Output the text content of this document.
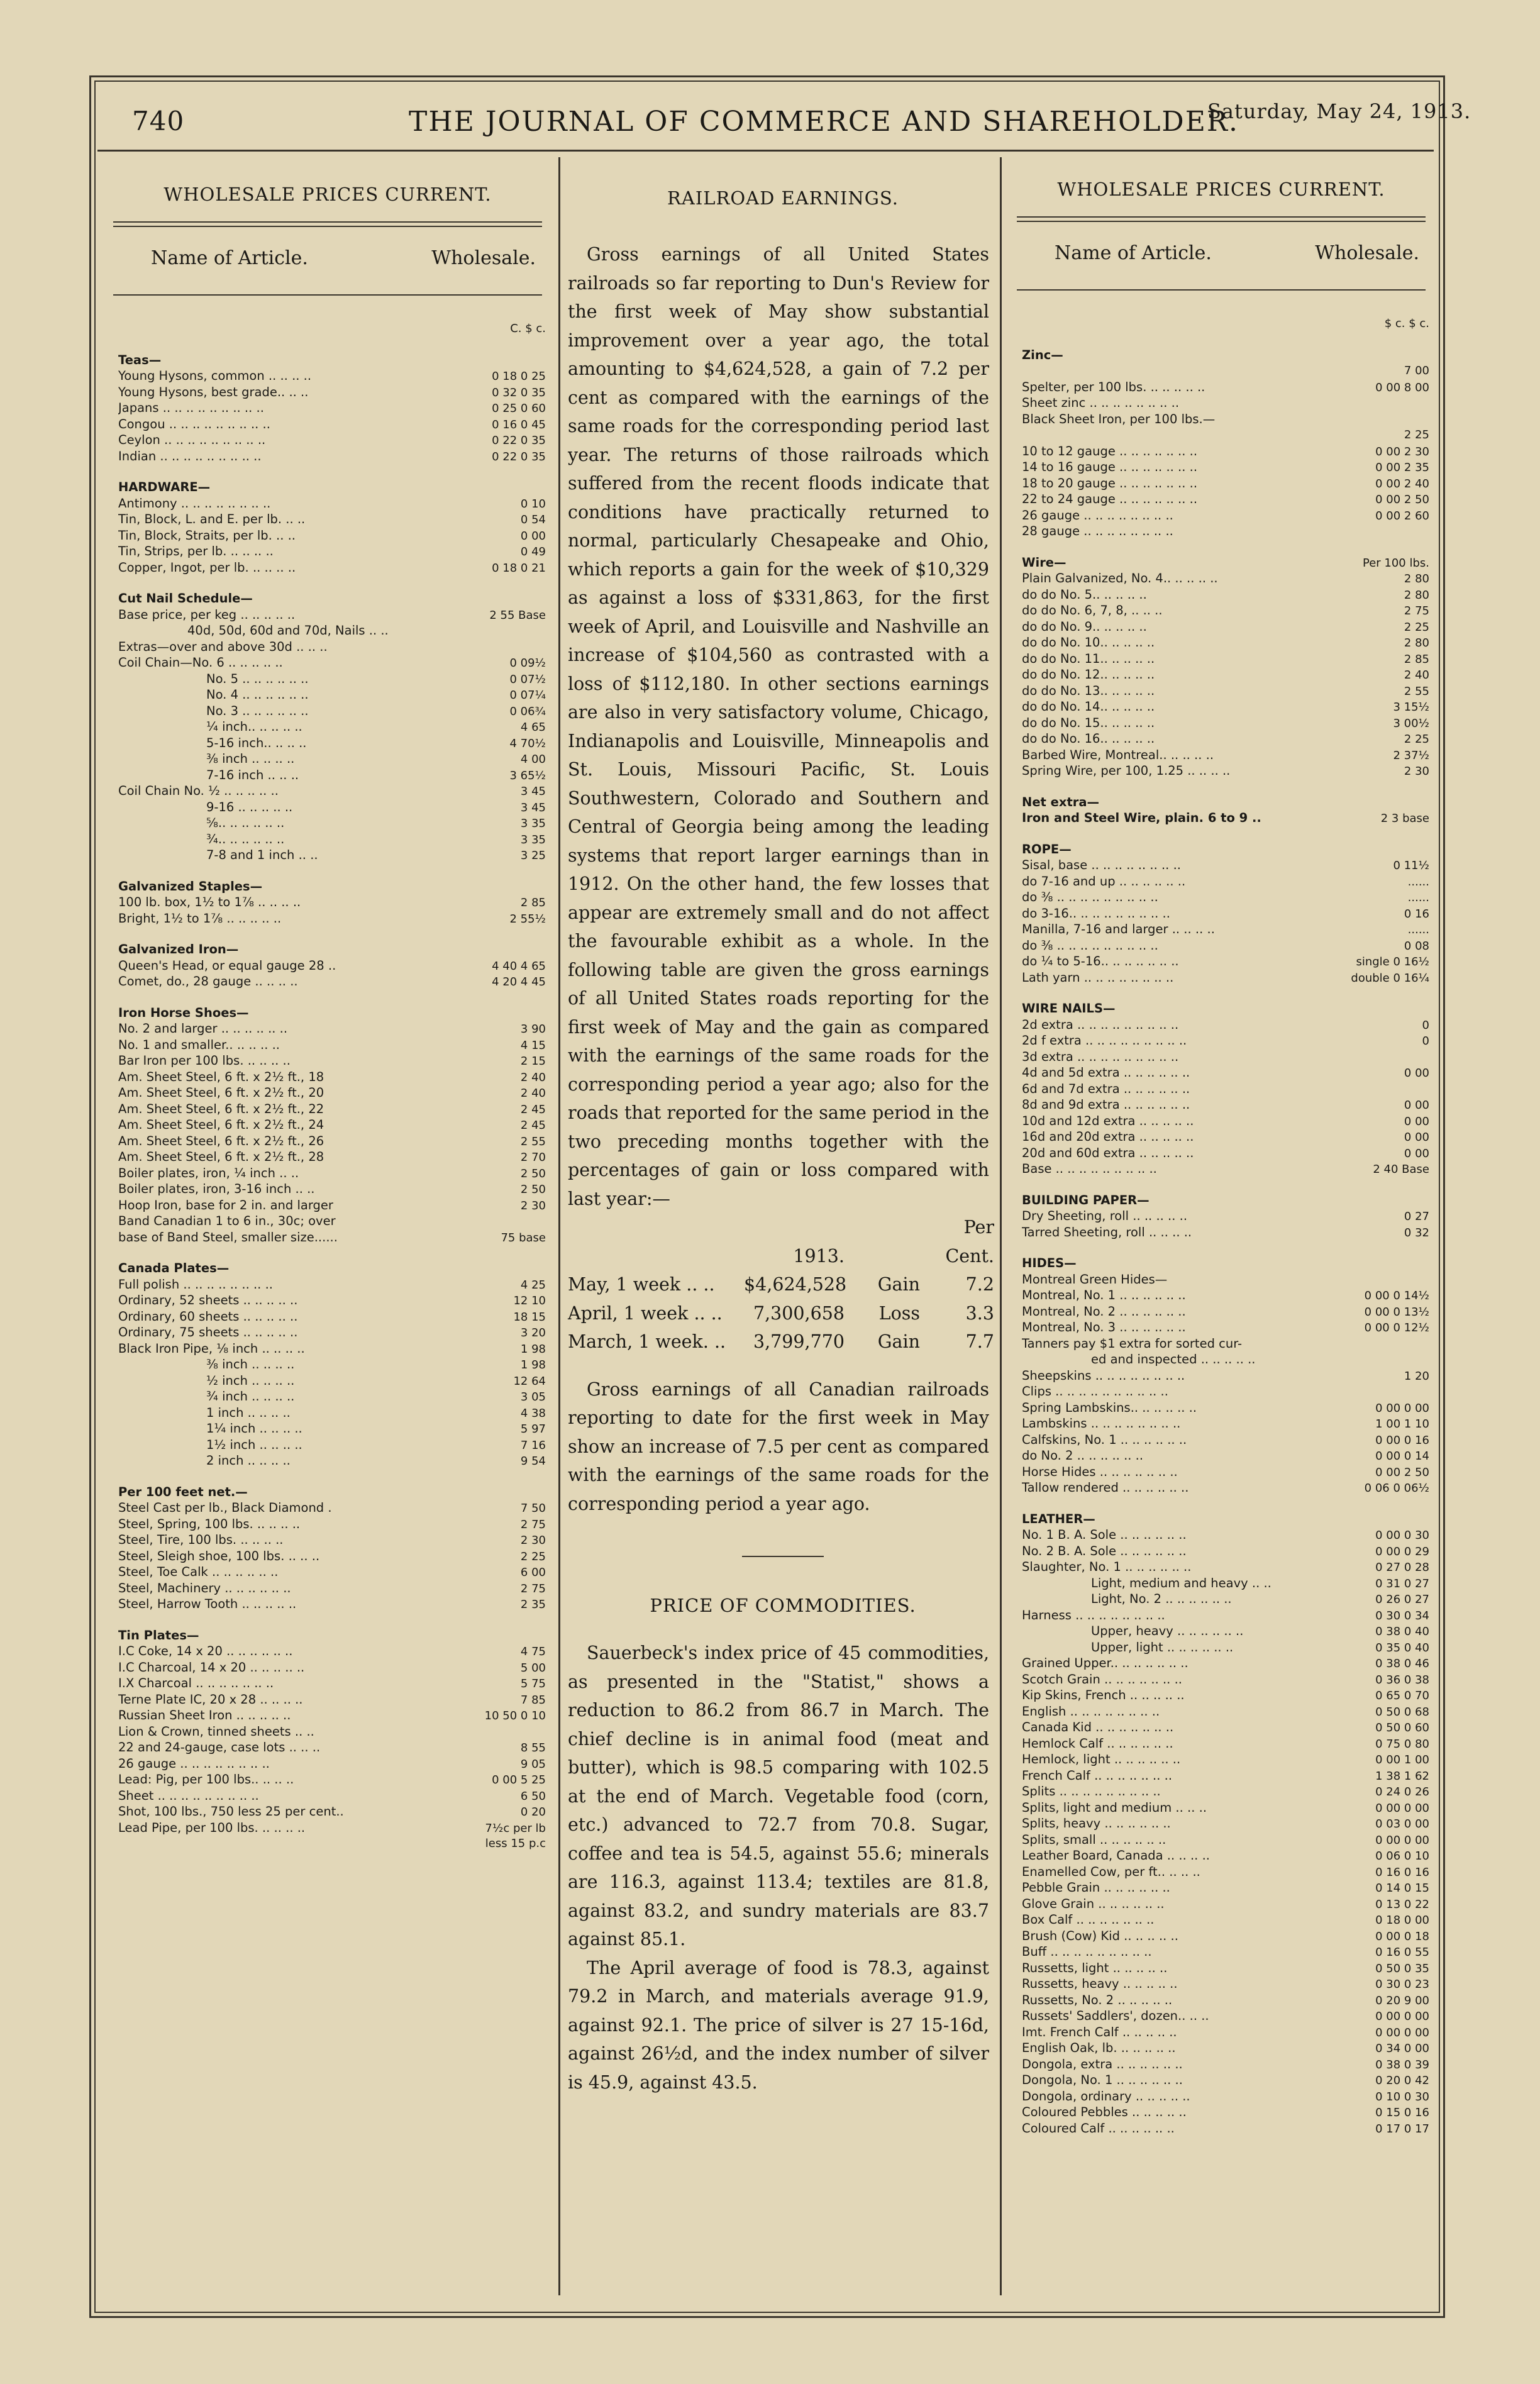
740	THE JOURNAL OF COMMERCE AND SHAREHOLDER.
Saturday, May 24, 1913.
WHOLESALE PRICES CURRENT.
Name of Article.	Wholesale.
C. $ c.
Teas—
Young Hysons, common .. .. .. ..	0 18 0 25
Young Hysons, best grade.. .. ..	0 32 0 35
Japans .. .. .. .. .. .. .. .. ..	0 25 0 60
Congou .. .. .. .. .. .. .. .. ..	0 16 0 45
Ceylon .. .. .. .. .. .. .. .. ..	0 22 0 35
Indian .. .. .. .. .. .. .. .. ..	0 22 0 35
HARDWARE—
Antimony .. .. .. .. .. .. .. ..	0 10
Tin, Block, L. and E. per lb. .. ..	0 54
Tin, Block, Straits, per lb. .. ..	0 00
Tin, Strips, per lb. .. .. .. ..	0 49
Copper, Ingot, per lb. .. .. .. ..	0 18 0 21
Cut Nail Schedule—
Base price, per keg .. .. .. .. ..	2 55 Base
40d, 50d, 60d and 70d, Nails .. ..
Extras—over and above 30d .. .. ..
Coil Chain—No. 6 .. .. .. .. ..	0 09½
No. 5 .. .. .. .. .. ..	0 07½
No. 4 .. .. .. .. .. ..	0 07¼
No. 3 .. .. .. .. .. ..	0 06¾
¼ inch.. .. .. .. ..	4 65
5-16 inch.. .. .. ..	4 70½
⅜ inch .. .. .. ..	4 00
7-16 inch .. .. ..	3 65½
Coil Chain No. ½ .. .. .. .. ..	3 45
9-16 .. .. .. .. ..	3 45
⅝.. .. .. .. .. ..	3 35
¾.. .. .. .. .. ..	3 35
7-8 and 1 inch .. ..	3 25
Galvanized Staples—
100 lb. box, 1½ to 1⅞ .. .. .. ..	2 85
Bright, 1½ to 1⅞ .. .. .. .. ..	2 55½
Galvanized Iron—
Queen's Head, or equal gauge 28 ..	4 40 4 65
Comet, do., 28 gauge .. .. .. ..	4 20 4 45
Iron Horse Shoes—
No. 2 and larger .. .. .. .. .. ..	3 90
No. 1 and smaller.. .. .. .. ..	4 15
Bar Iron per 100 lbs. .. .. .. ..	2 15
Am. Sheet Steel, 6 ft. x 2½ ft., 18	2 40
Am. Sheet Steel, 6 ft. x 2½ ft., 20	2 40
Am. Sheet Steel, 6 ft. x 2½ ft., 22	2 45
Am. Sheet Steel, 6 ft. x 2½ ft., 24	2 45
Am. Sheet Steel, 6 ft. x 2½ ft., 26	2 55
Am. Sheet Steel, 6 ft. x 2½ ft., 28	2 70
Boiler plates, iron, ¼ inch .. ..	2 50
Boiler plates, iron, 3-16 inch .. ..	2 50
Hoop Iron, base for 2 in. and larger	2 30
Band Canadian 1 to 6 in., 30c; over
base of Band Steel, smaller size......	75 base
Canada Plates—
Full polish .. .. .. .. .. .. .. ..	4 25
Ordinary, 52 sheets .. .. .. .. ..	12 10
Ordinary, 60 sheets .. .. .. .. ..	18 15
Ordinary, 75 sheets .. .. .. .. ..	3 20
Black Iron Pipe, ⅛ inch .. .. .. ..	1 98
⅜ inch .. .. .. ..	1 98
½ inch .. .. .. ..	12 64
¾ inch .. .. .. ..	3 05
1 inch .. .. .. ..	4 38
1¼ inch .. .. .. ..	5 97
1½ inch .. .. .. ..	7 16
2 inch .. .. .. ..	9 54
Per 100 feet net.—
Steel Cast per lb., Black Diamond .	7 50
Steel, Spring, 100 lbs. .. .. .. ..	2 75
Steel, Tire, 100 lbs. .. .. .. ..	2 30
Steel, Sleigh shoe, 100 lbs. .. .. ..	2 25
Steel, Toe Calk .. .. .. .. .. ..	6 00
Steel, Machinery .. .. .. .. .. ..	2 75
Steel, Harrow Tooth .. .. .. .. ..	2 35
Tin Plates—
I.C Coke, 14 x 20 .. .. .. .. .. ..	4 75
I.C Charcoal, 14 x 20 .. .. .. .. ..	5 00
I.X Charcoal .. .. .. .. .. .. ..	5 75
Terne Plate IC, 20 x 28 .. .. .. ..	7 85
Russian Sheet Iron .. .. .. .. ..	10 50 0 10
Lion & Crown, tinned sheets .. ..
22 and 24-gauge, case lots .. .. ..	8 55
26 gauge .. .. .. .. .. .. .. ..	9 05
Lead: Pig, per 100 lbs.. .. .. ..	0 00 5 25
Sheet .. .. .. .. .. .. .. .. ..	6 50
Shot, 100 lbs., 750 less 25 per cent..	0 20
Lead Pipe, per 100 lbs. .. .. .. ..	7½c per lb
less 15 p.c
RAILROAD EARNINGS.
Gross earnings of all United States railroads so far reporting to Dun's Review for the first week of May show substantial improvement over a year ago, the total amounting to $4,624,528, a gain of 7.2 per cent as compared with the earnings of the same roads for the corresponding period last year. The returns of those railroads which suffered from the recent floods indicate that conditions have practically returned to normal, particularly Chesapeake and Ohio, which reports a gain for the week of $10,329 as against a loss of $331,863, for the first week of April, and Louisville and Nashville an increase of $104,560 as contrasted with a loss of $112,180. In other sections earnings are also in very satisfactory volume, Chicago, Indianapolis and Louisville, Minneapolis and St. Louis, Missouri Pacific, St. Louis Southwestern, Colorado and Southern and Central of Georgia being among the leading systems that report larger earnings than in 1912. On the other hand, the few losses that appear are extremely small and do not affect the favourable exhibit as a whole. In the following table are given the gross earnings of all United States roads reporting for the first week of May and the gain as compared with the earnings of the same roads for the corresponding period a year ago; also for the roads that reported for the same period in the two preceding months together with the percentages of gain or loss compared with last year:—
Per
1913.	Cent.
May, 1 week .. ..	$4,624,528	Gain	7.2
April, 1 week .. ..	7,300,658	Loss	3.3
March, 1 week. ..	3,799,770	Gain	7.7
Gross earnings of all Canadian railroads reporting to date for the first week in May show an increase of 7.5 per cent as compared with the earnings of the same roads for the corresponding period a year ago.
PRICE OF COMMODITIES.
Sauerbeck's index price of 45 commodities, as presented in the "Statist," shows a reduction to 86.2 from 86.7 in March. The chief decline is in animal food (meat and butter), which is 98.5 comparing with 102.5 at the end of March. Vegetable food (corn, etc.) advanced to 72.7 from 70.8. Sugar, coffee and tea is 54.5, against 55.6; minerals are 116.3, against 113.4; textiles are 81.8, against 83.2, and sundry materials are 83.7 against 85.1.
The April average of food is 78.3, against 79.2 in March, and materials average 91.9, against 92.1. The price of silver is 27 15-16d, against 26½d, and the index number of silver is 45.9, against 43.5.
WHOLESALE PRICES CURRENT.
Name of Article.	Wholesale.
$ c. $ c.
Zinc—
7 00
Spelter, per 100 lbs. .. .. .. .. ..	0 00 8 00
Sheet zinc .. .. .. .. .. .. .. ..
Black Sheet Iron, per 100 lbs.—
2 25
10 to 12 gauge .. .. .. .. .. .. ..	0 00 2 30
14 to 16 gauge .. .. .. .. .. .. ..	0 00 2 35
18 to 20 gauge .. .. .. .. .. .. ..	0 00 2 40
22 to 24 gauge .. .. .. .. .. .. ..	0 00 2 50
26 gauge .. .. .. .. .. .. .. ..	0 00 2 60
28 gauge .. .. .. .. .. .. .. ..
Wire—	Per 100 lbs.
Plain Galvanized, No. 4.. .. .. .. ..	2 80
do do No. 5.. .. .. .. ..	2 80
do do No. 6, 7, 8, .. .. ..	2 75
do do No. 9.. .. .. .. ..	2 25
do do No. 10.. .. .. .. ..	2 80
do do No. 11.. .. .. .. ..	2 85
do do No. 12.. .. .. .. ..	2 40
do do No. 13.. .. .. .. ..	2 55
do do No. 14.. .. .. .. ..	3 15½
do do No. 15.. .. .. .. ..	3 00½
do do No. 16.. .. .. .. ..	2 25
Barbed Wire, Montreal.. .. .. .. ..	2 37½
Spring Wire, per 100, 1.25 .. .. .. ..	2 30
Net extra—
Iron and Steel Wire, plain. 6 to 9 ..	2 3 base
ROPE—
Sisal, base .. .. .. .. .. .. .. ..	0 11½
do 7-16 and up .. .. .. .. .. ..	......
do ⅜ .. .. .. .. .. .. .. .. ..	......
do 3-16.. .. .. .. .. .. .. .. ..	0 16
Manilla, 7-16 and larger .. .. .. ..	......
do ⅜ .. .. .. .. .. .. .. .. ..	0 08
do ¼ to 5-16.. .. .. .. .. .. ..	single 0 16½
Lath yarn .. .. .. .. .. .. .. ..	double 0 16¼
WIRE NAILS—
2d extra .. .. .. .. .. .. .. .. ..	0
2d f extra .. .. .. .. .. .. .. .. ..	0
3d extra .. .. .. .. .. .. .. .. ..
4d and 5d extra .. .. .. .. .. ..	0 00
6d and 7d extra .. .. .. .. .. ..
8d and 9d extra .. .. .. .. .. ..	0 00
10d and 12d extra .. .. .. .. ..	0 00
16d and 20d extra .. .. .. .. ..	0 00
20d and 60d extra .. .. .. .. ..	0 00
Base .. .. .. .. .. .. .. .. ..	2 40 Base
BUILDING PAPER—
Dry Sheeting, roll .. .. .. .. ..	0 27
Tarred Sheeting, roll .. .. .. ..	0 32
HIDES—
Montreal Green Hides—
Montreal, No. 1 .. .. .. .. .. ..	0 00 0 14½
Montreal, No. 2 .. .. .. .. .. ..	0 00 0 13½
Montreal, No. 3 .. .. .. .. .. ..	0 00 0 12½
Tanners pay $1 extra for sorted cur-
ed and inspected .. .. .. .. ..
Sheepskins .. .. .. .. .. .. .. ..	1 20
Clips .. .. .. .. .. .. .. .. .. ..
Spring Lambskins.. .. .. .. .. ..	0 00 0 00
Lambskins .. .. .. .. .. .. .. ..	1 00 1 10
Calfskins, No. 1 .. .. .. .. .. ..	0 00 0 16
do No. 2 .. .. .. .. .. ..	0 00 0 14
Horse Hides .. .. .. .. .. .. ..	0 00 2 50
Tallow rendered .. .. .. .. .. ..	0 06 0 06½
LEATHER—
No. 1 B. A. Sole .. .. .. .. .. ..	0 00 0 30
No. 2 B. A. Sole .. .. .. .. .. ..	0 00 0 29
Slaughter, No. 1 .. .. .. .. .. ..	0 27 0 28
Light, medium and heavy .. ..	0 31 0 27
Light, No. 2 .. .. .. .. .. ..	0 26 0 27
Harness .. .. .. .. .. .. .. ..	0 30 0 34
Upper, heavy .. .. .. .. .. ..	0 38 0 40
Upper, light .. .. .. .. .. ..	0 35 0 40
Grained Upper.. .. .. .. .. .. ..	0 38 0 46
Scotch Grain .. .. .. .. .. .. ..	0 36 0 38
Kip Skins, French .. .. .. .. ..	0 65 0 70
English .. .. .. .. .. .. .. ..	0 50 0 68
Canada Kid .. .. .. .. .. .. ..	0 50 0 60
Hemlock Calf .. .. .. .. .. ..	0 75 0 80
Hemlock, light .. .. .. .. .. ..	0 00 1 00
French Calf .. .. .. .. .. .. ..	1 38 1 62
Splits .. .. .. .. .. .. .. .. ..	0 24 0 26
Splits, light and medium .. .. ..	0 00 0 00
Splits, heavy .. .. .. .. .. ..	0 03 0 00
Splits, small .. .. .. .. .. ..	0 00 0 00
Leather Board, Canada .. .. .. ..	0 06 0 10
Enamelled Cow, per ft.. .. .. ..	0 16 0 16
Pebble Grain .. .. .. .. .. ..	0 14 0 15
Glove Grain .. .. .. .. .. ..	0 13 0 22
Box Calf .. .. .. .. .. .. ..	0 18 0 00
Brush (Cow) Kid .. .. .. .. ..	0 00 0 18
Buff .. .. .. .. .. .. .. .. ..	0 16 0 55
Russetts, light .. .. .. .. ..	0 50 0 35
Russetts, heavy .. .. .. .. ..	0 30 0 23
Russetts, No. 2 .. .. .. .. ..	0 20 9 00
Russets' Saddlers', dozen.. .. ..	0 00 0 00
Imt. French Calf .. .. .. .. ..	0 00 0 00
English Oak, lb. .. .. .. .. ..	0 34 0 00
Dongola, extra .. .. .. .. .. ..	0 38 0 39
Dongola, No. 1 .. .. .. .. .. ..	0 20 0 42
Dongola, ordinary .. .. .. .. ..	0 10 0 30
Coloured Pebbles .. .. .. .. ..	0 15 0 16
Coloured Calf .. .. .. .. .. ..	0 17 0 17
